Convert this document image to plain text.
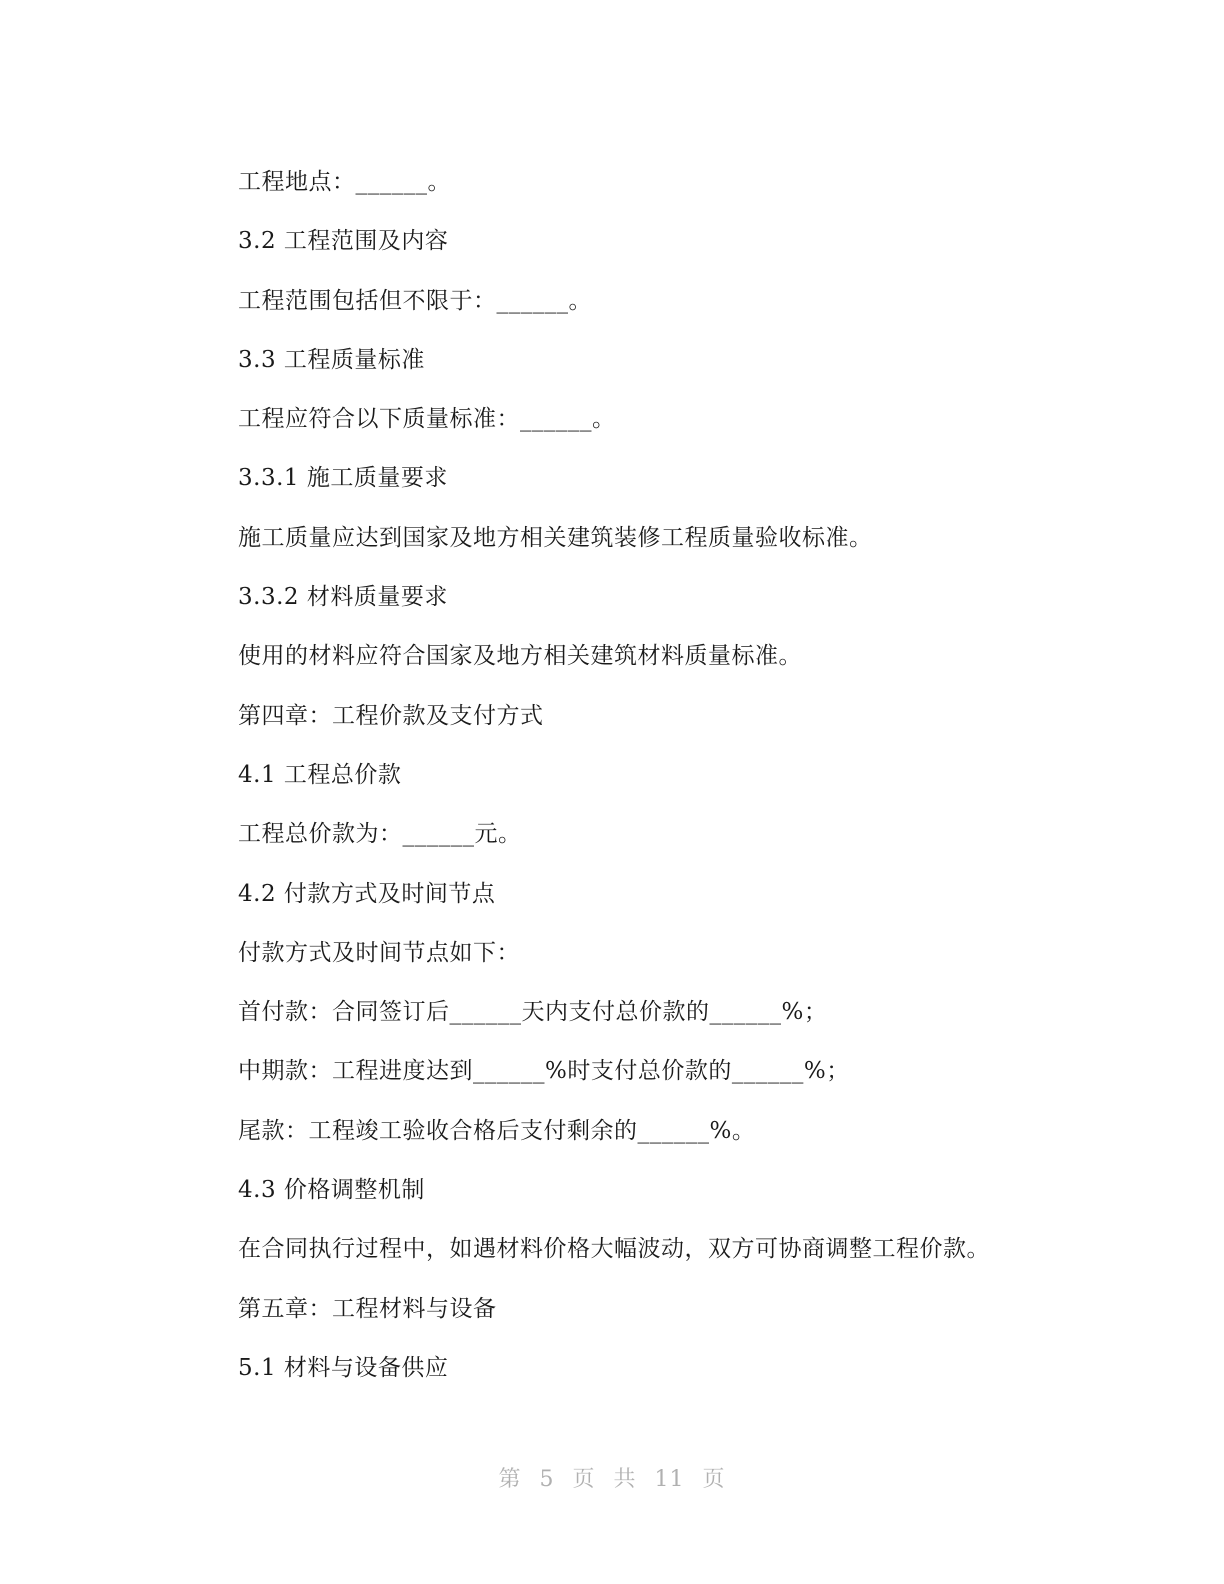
工程地点：______。
3.2 工程范围及内容
工程范围包括但不限于：______。
3.3 工程质量标准
工程应符合以下质量标准：______。
3.3.1 施工质量要求
施工质量应达到国家及地方相关建筑装修工程质量验收标准。
3.3.2 材料质量要求
使用的材料应符合国家及地方相关建筑材料质量标准。
第四章：工程价款及支付方式
4.1 工程总价款
工程总价款为：______元。
4.2 付款方式及时间节点
付款方式及时间节点如下：
首付款：合同签订后______天内支付总价款的______%；
中期款：工程进度达到______%时支付总价款的______%；
尾款：工程竣工验收合格后支付剩余的______%。
4.3 价格调整机制
在合同执行过程中，如遇材料价格大幅波动，双方可协商调整工程价款。
第五章：工程材料与设备
5.1 材料与设备供应
第 5 页 共 11 页
